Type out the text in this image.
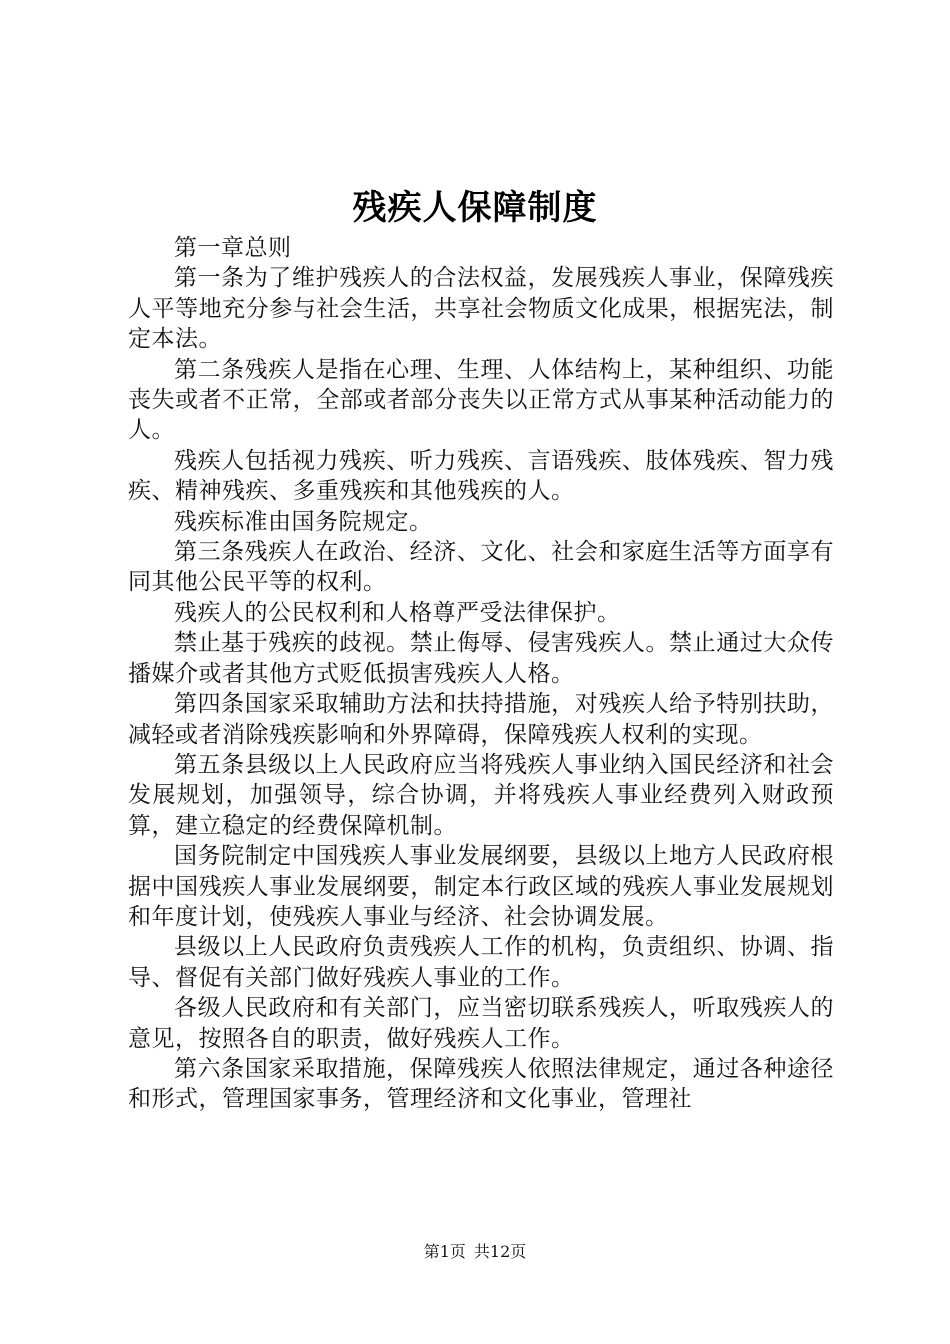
残疾人保障制度

第一章总则

第一条为了维护残疾人的合法权益，发展残疾人事业，保障残疾人平等地充分参与社会生活，共享社会物质文化成果，根据宪法，制定本法。

第二条残疾人是指在心理、生理、人体结构上，某种组织、功能丧失或者不正常，全部或者部分丧失以正常方式从事某种活动能力的人。

残疾人包括视力残疾、听力残疾、言语残疾、肢体残疾、智力残疾、精神残疾、多重残疾和其他残疾的人。

残疾标准由国务院规定。

第三条残疾人在政治、经济、文化、社会和家庭生活等方面享有同其他公民平等的权利。

残疾人的公民权利和人格尊严受法律保护。

禁止基于残疾的歧视。禁止侮辱、侵害残疾人。禁止通过大众传播媒介或者其他方式贬低损害残疾人人格。

第四条国家采取辅助方法和扶持措施，对残疾人给予特别扶助，减轻或者消除残疾影响和外界障碍，保障残疾人权利的实现。

第五条县级以上人民政府应当将残疾人事业纳入国民经济和社会发展规划，加强领导，综合协调，并将残疾人事业经费列入财政预算，建立稳定的经费保障机制。

国务院制定中国残疾人事业发展纲要，县级以上地方人民政府根据中国残疾人事业发展纲要，制定本行政区域的残疾人事业发展规划和年度计划，使残疾人事业与经济、社会协调发展。

县级以上人民政府负责残疾人工作的机构，负责组织、协调、指导、督促有关部门做好残疾人事业的工作。

各级人民政府和有关部门，应当密切联系残疾人，听取残疾人的意见，按照各自的职责，做好残疾人工作。

第六条国家采取措施，保障残疾人依照法律规定，通过各种途径和形式，管理国家事务，管理经济和文化事业，管理社

第1页 共12页
